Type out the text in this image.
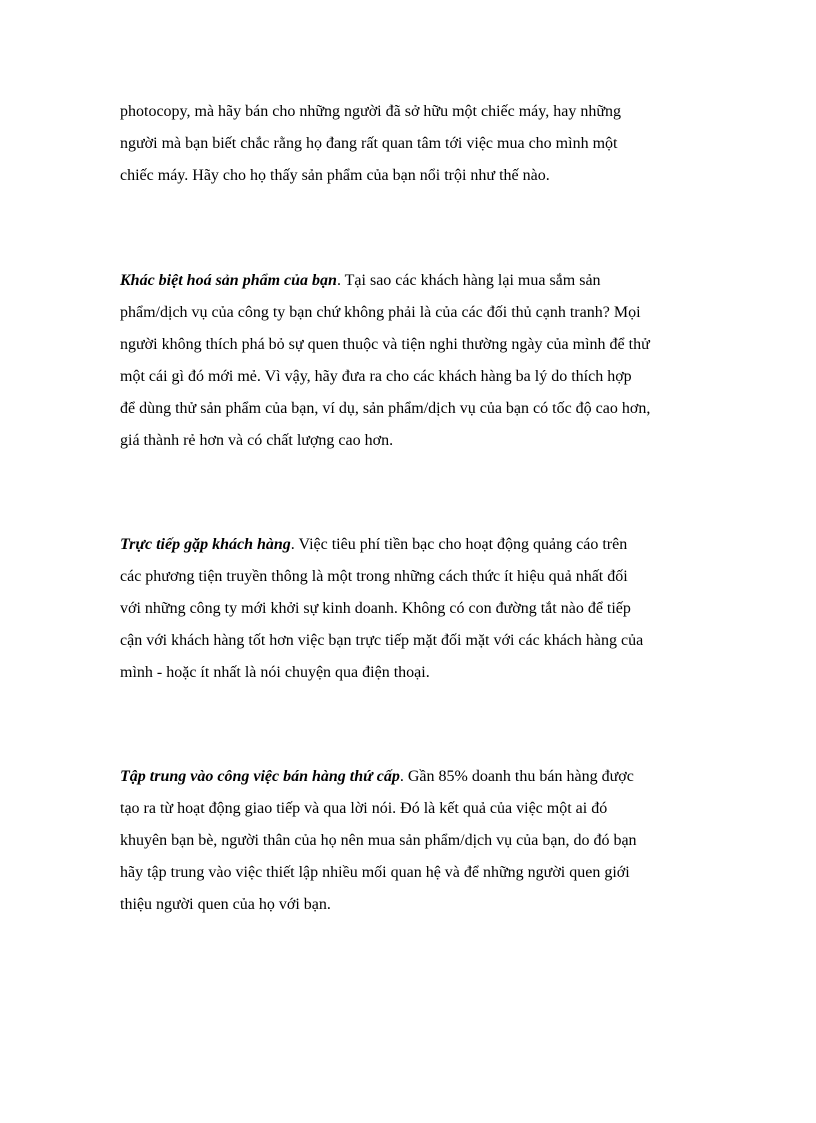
photocopy, mà hãy bán cho những người đã sở hữu một chiếc máy, hay những
người mà bạn biết chắc rằng họ đang rất quan tâm tới việc mua cho mình một
chiếc máy. Hãy cho họ thấy sản phẩm của bạn nổi trội như thế nào.

Khác biệt hoá sản phẩm của bạn. Tại sao các khách hàng lại mua sắm sản
phẩm/dịch vụ của công ty bạn chứ không phải là của các đối thủ cạnh tranh? Mọi
người không thích phá bỏ sự quen thuộc và tiện nghi thường ngày của mình để thử
một cái gì đó mới mẻ. Vì vậy, hãy đưa ra cho các khách hàng ba lý do thích hợp
để dùng thử sản phẩm của bạn, ví dụ, sản phẩm/dịch vụ của bạn có tốc độ cao hơn,
giá thành rẻ hơn và có chất lượng cao hơn.

Trực tiếp gặp khách hàng. Việc tiêu phí tiền bạc cho hoạt động quảng cáo trên
các phương tiện truyền thông là một trong những cách thức ít hiệu quả nhất đối
với những công ty mới khởi sự kinh doanh. Không có con đường tắt nào để tiếp
cận với khách hàng tốt hơn việc bạn trực tiếp mặt đối mặt với các khách hàng của
mình - hoặc ít nhất là nói chuyện qua điện thoại.

Tập trung vào công việc bán hàng thứ cấp. Gần 85% doanh thu bán hàng được
tạo ra từ hoạt động giao tiếp và qua lời nói. Đó là kết quả của việc một ai đó
khuyên bạn bè, người thân của họ nên mua sản phẩm/dịch vụ của bạn, do đó bạn
hãy tập trung vào việc thiết lập nhiều mối quan hệ và để những người quen giới
thiệu người quen của họ với bạn.
